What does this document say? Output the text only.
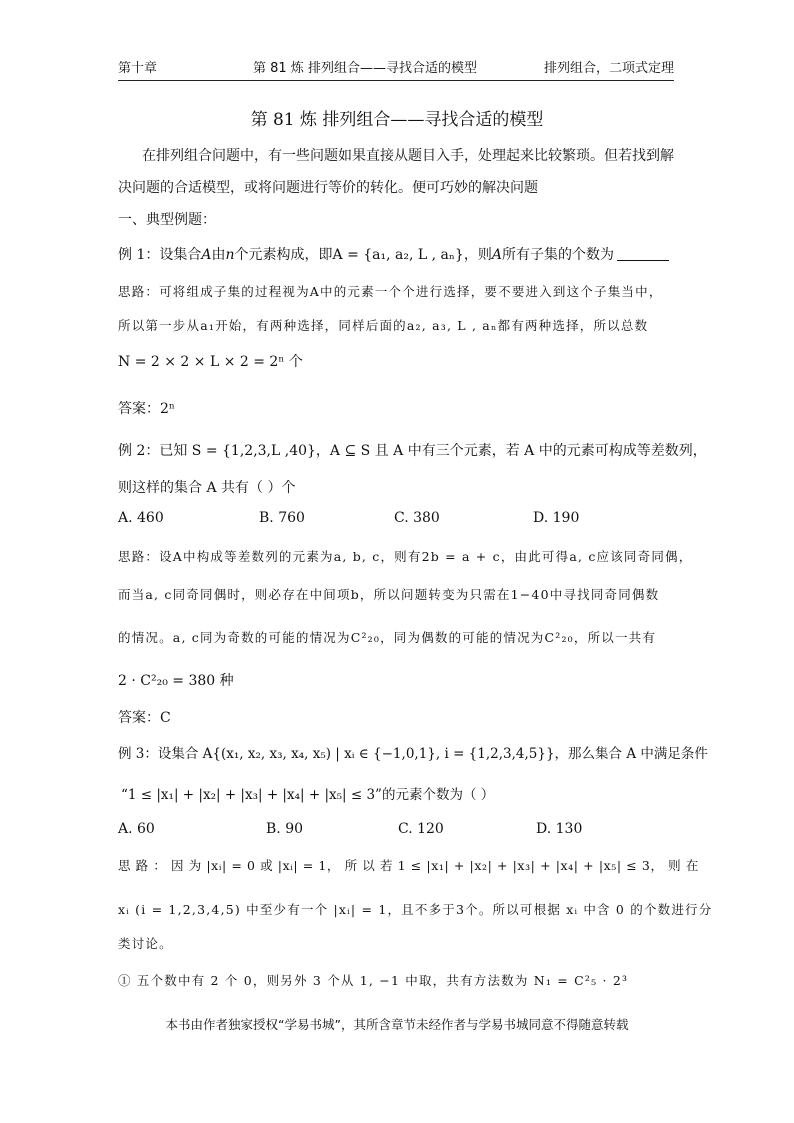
第十章	第 81 炼 排列组合——寻找合适的模型	排列组合，二项式定理
第 81 炼 排列组合——寻找合适的模型
在排列组合问题中，有一些问题如果直接从题目入手，处理起来比较繁琐。但若找到解
决问题的合适模型，或将问题进行等价的转化。便可巧妙的解决问题
一、典型例题：
例 1：设集合A由n个元素构成，即A = {a₁, a₂, L , aₙ}，则A所有子集的个数为
思路：可将组成子集的过程视为A中的元素一个个进行选择，要不要进入到这个子集当中，
所以第一步从a₁开始，有两种选择，同样后面的a₂, a₃, L , aₙ都有两种选择，所以总数
N = 2 × 2 × L × 2 = 2ⁿ 个
答案：2ⁿ
例 2：已知 S = {1,2,3,L ,40}，A ⊆ S 且 A 中有三个元素，若 A 中的元素可构成等差数列，
则这样的集合 A 共有（ ）个
A. 460	B. 760	C. 380	D. 190
思路：设A中构成等差数列的元素为a, b, c，则有2b = a + c，由此可得a, c应该同奇同偶，
而当a, c同奇同偶时，则必存在中间项b，所以问题转变为只需在1−40中寻找同奇同偶数
的情况。a, c同为奇数的可能的情况为C²₂₀，同为偶数的可能的情况为C²₂₀，所以一共有
2 · C²₂₀ = 380 种
答案：C
例 3：设集合 A{(x₁, x₂, x₃, x₄, x₅) | xᵢ ∈ {−1,0,1}, i = {1,2,3,4,5}}，那么集合 A 中满足条件
“1 ≤ |x₁| + |x₂| + |x₃| + |x₄| + |x₅| ≤ 3”的元素个数为（ ）
A. 60	B. 90	C. 120	D. 130
思 路 ： 因 为 |xᵢ| = 0 或 |xᵢ| = 1， 所 以 若 1 ≤ |x₁| + |x₂| + |x₃| + |x₄| + |x₅| ≤ 3， 则 在
xᵢ (i = 1,2,3,4,5) 中至少有一个 |xᵢ| = 1，且不多于3个。所以可根据 xᵢ 中含 0 的个数进行分
类讨论。
① 五个数中有 2 个 0，则另外 3 个从 1, −1 中取，共有方法数为 N₁ = C²₅ · 2³
本书由作者独家授权“学易书城”，其所含章节未经作者与学易书城同意不得随意转载
